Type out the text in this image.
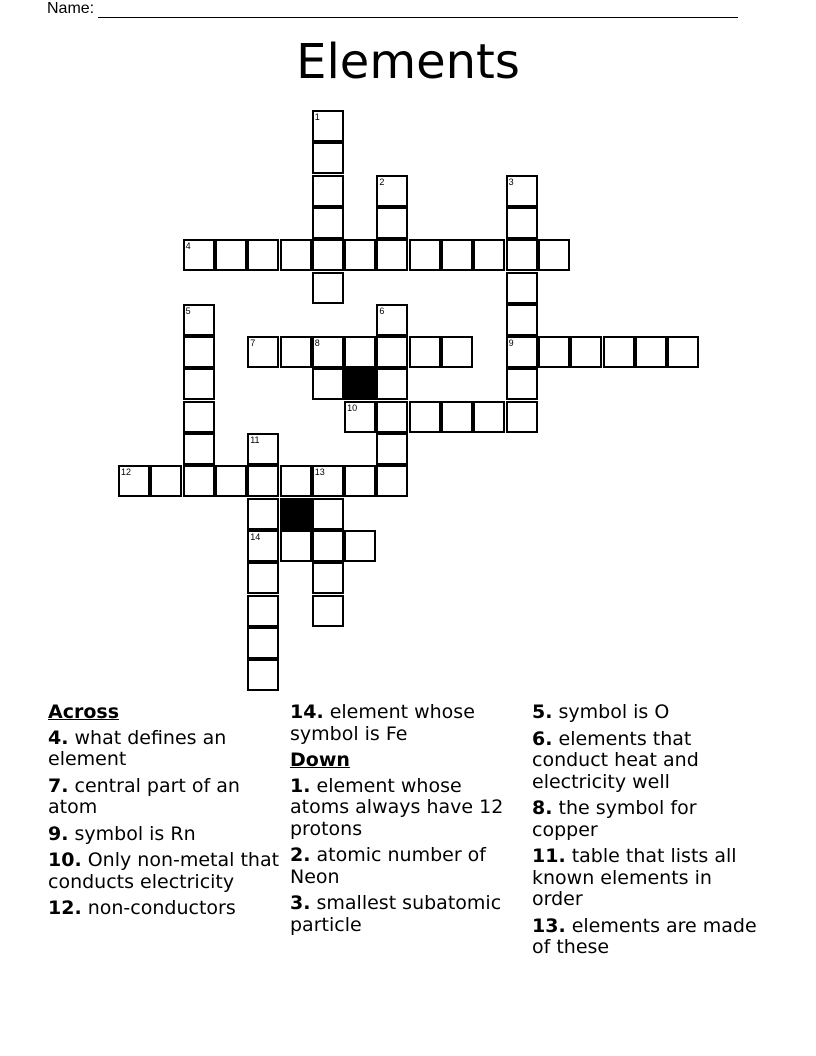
Name:
Elements
1
2	3
4
5	6
7	8	9
10
11
12	13
14
Across
4. what defines an element
7. central part of an atom
9. symbol is Rn
10. Only non-metal that conducts electricity
12. non-conductors
14. element whose symbol is Fe
Down
1. element whose atoms always have 12 protons
2. atomic number of Neon
3. smallest subatomic particle
5. symbol is O
6. elements that conduct heat and electricity well
8. the symbol for copper
11. table that lists all known elements in order
13. elements are made of these
